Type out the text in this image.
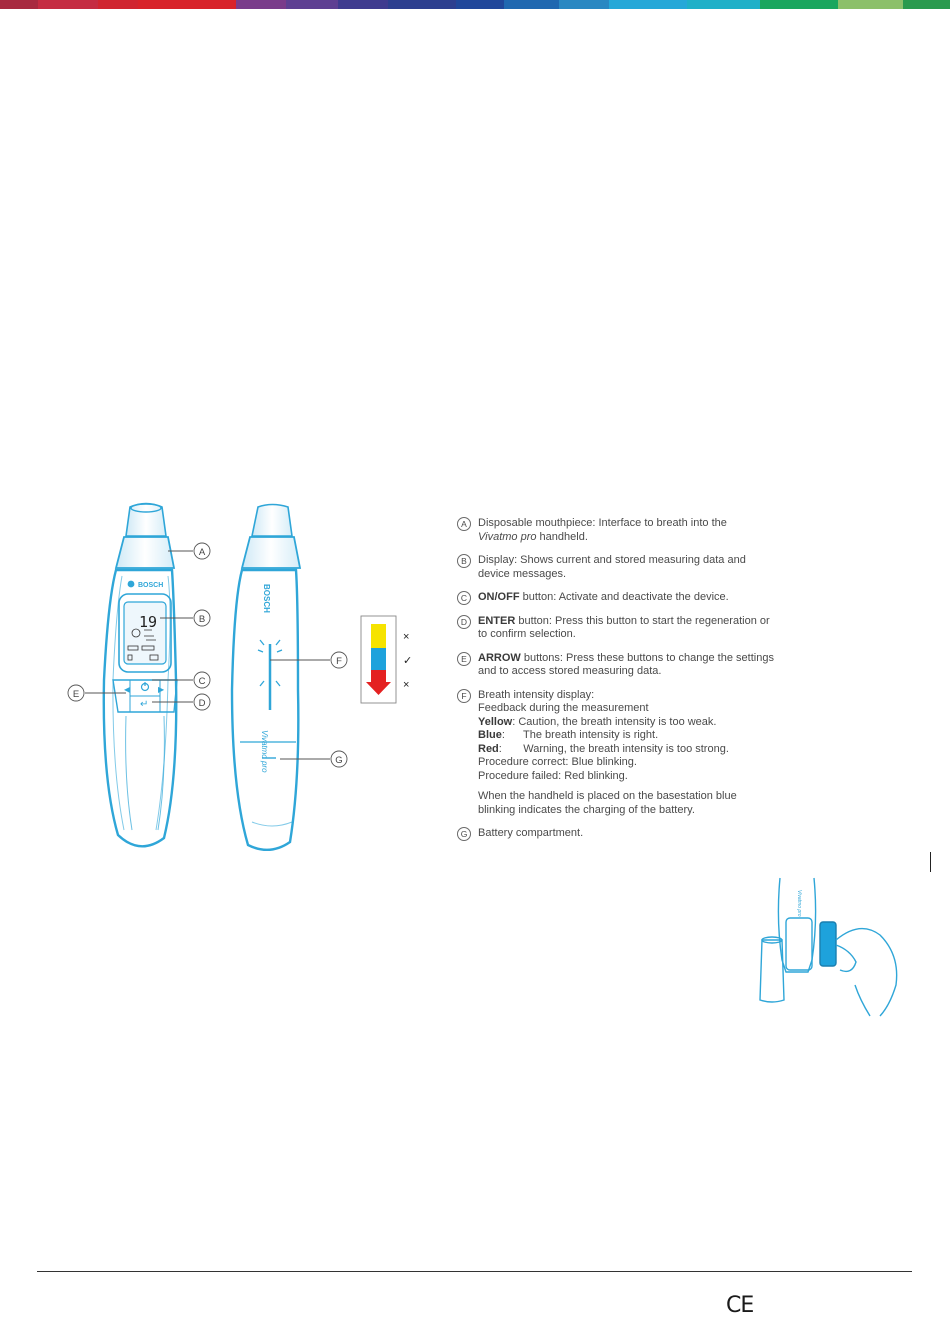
BOSCH
19
◀	▶
↵
BOSCH
Vivatmo pro
A
B
C
D
E
F
G
×
✓
×
Vivatmo pro
A	Disposable mouthpiece: Interface to breath into the
Vivatmo pro handheld.
B	Display: Shows current and stored measuring data and device messages.
C ON/OFF button: Activate and deactivate the device.
D ENTER button: Press this button to start the regeneration or to confirm selection.
E	ARROW buttons: Press these buttons to change the settings and to access stored measuring data.
F	Breath intensity display:
Feedback during the measurement
Yellow: Caution, the breath intensity is too weak.
Blue:      The breath intensity is right.
Red:       Warning, the breath intensity is too strong.
Procedure correct: Blue blinking.
Procedure failed: Red blinking.
When the handheld is placed on the basestation blue blinking indicates the charging of the battery.
G Battery compartment.
CE
